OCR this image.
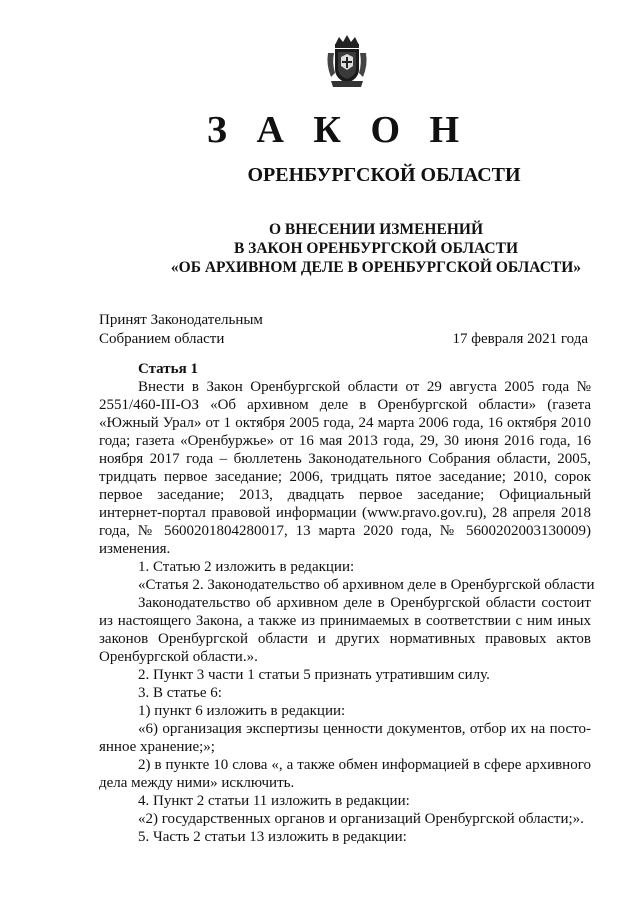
З А К О Н
ОРЕНБУРГСКОЙ ОБЛАСТИ
О ВНЕСЕНИИ ИЗМЕНЕНИЙ
В ЗАКОН ОРЕНБУРГСКОЙ ОБЛАСТИ
«ОБ АРХИВНОМ ДЕЛЕ В ОРЕНБУРГСКОЙ ОБЛАСТИ»
Принят Законодательным
Собранием области	17 февраля 2021 года
Статья 1

Внести в Закон Оренбургской области от 29 августа 2005 года № 2551/460-III-ОЗ «Об архивном деле в Оренбургской области» (газета «Южный Урал» от 1 октября 2005 года, 24 марта 2006 года, 16 октября 2010 года; газета «Оренбуржье» от 16 мая 2013 года, 29, 30 июня 2016 года, 16 ноября 2017 года – бюллетень Законодательного Собрания области, 2005, тридцать первое заседание; 2006, тридцать пятое заседание; 2010, сорок первое заседание; 2013, двадцать первое заседание; Официальный интернет-портал правовой информации (www.pravo.gov.ru), 28 апреля 2018 года, № 5600201804280017, 13 марта 2020 года, № 5600202003130009) изменения.

1. Статью 2 изложить в редакции:

«Статья 2. Законодательство об архивном деле в Оренбургской области

Законодательство об архивном деле в Оренбургской области состоит из настоящего Закона, а также из принимаемых в соответствии с ним иных законов Оренбургской области и других нормативных правовых актов Оренбургской области.».

2. Пункт 3 части 1 статьи 5 признать утратившим силу.

3. В статье 6:

1) пункт 6 изложить в редакции:

«6) организация экспертизы ценности документов, отбор их на постоянное хранение;»;

2) в пункте 10 слова «, а также обмен информацией в сфере архивного дела между ними» исключить.

4. Пункт 2 статьи 11 изложить в редакции:

«2) государственных органов и организаций Оренбургской области;».

5. Часть 2 статьи 13 изложить в редакции:
